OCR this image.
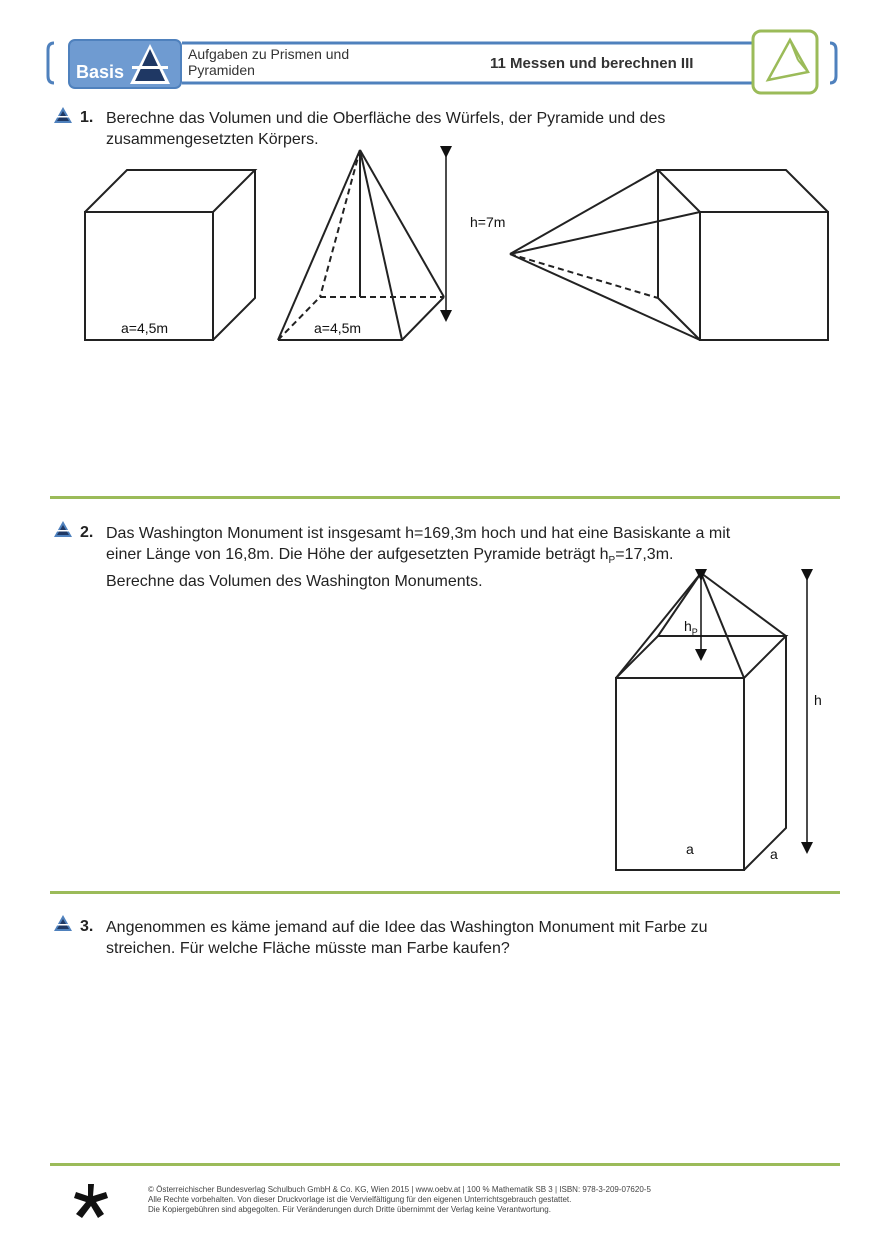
Basis
Aufgaben zu Prismen und
Pyramiden	11 Messen und berechnen III
1. Berechne das Volumen und die Oberfläche des Würfels, der Pyramide und des
zusammengesetzten Körpers.
a=4,5m	a=4,5m
h=7m
2. Das Washington Monument ist insgesamt h=169,3m hoch und hat eine Basiskante a mit
einer Länge von 16,8m. Die Höhe der aufgesetzten Pyramide beträgt $h_P=17,3m$.
Berechne das Volumen des Washington Monuments.
$h_P$
h
a	a
3. Angenommen es käme jemand auf die Idee das Washington Monument mit Farbe zu
streichen. Für welche Fläche müsste man Farbe kaufen?
© Österreichischer Bundesverlag Schulbuch GmbH & Co. KG, Wien 2015 | www.oebv.at | 100 % Mathematik SB 3 | ISBN: 978-3-209-07620-5
Alle Rechte vorbehalten. Von dieser Druckvorlage ist die Vervielfältigung für den eigenen Unterrichtsgebrauch gestattet.
Die Kopiergebühren sind abgegolten. Für Veränderungen durch Dritte übernimmt der Verlag keine Verantwortung.
